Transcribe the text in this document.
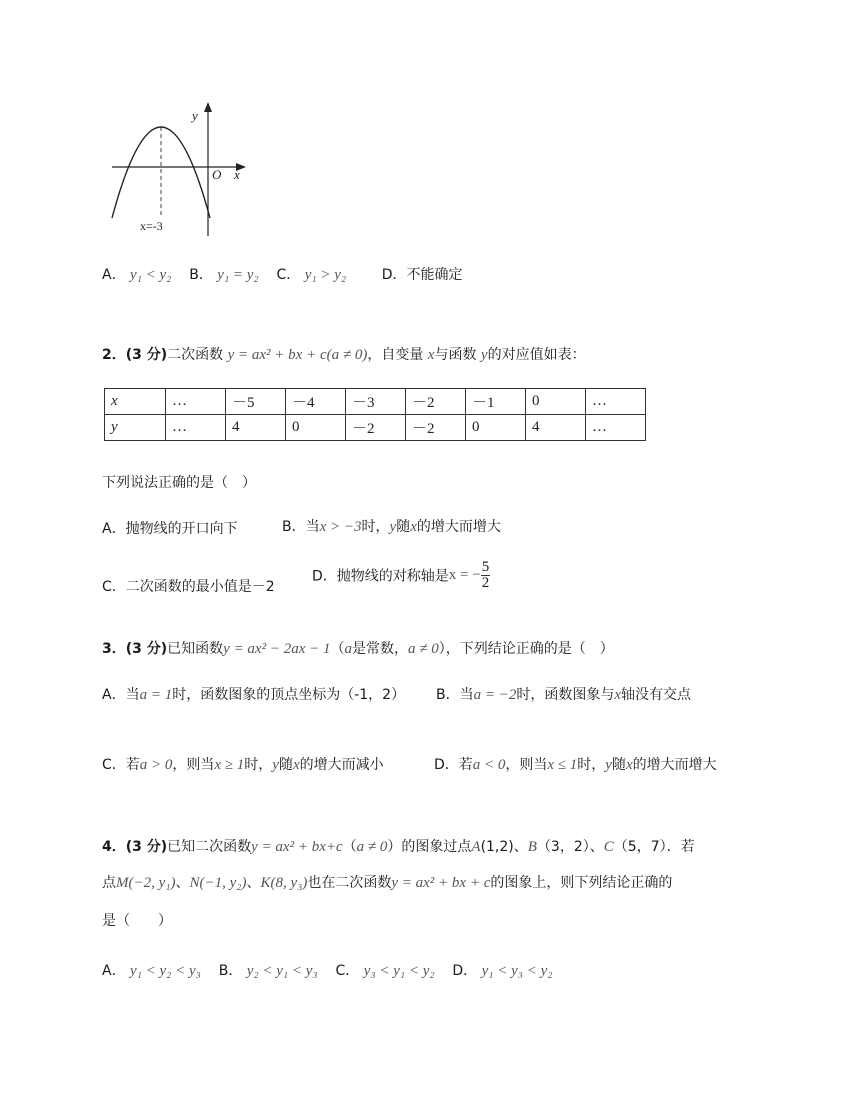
y
O x
x=-3
A． y₁ < y₂ B． y₁ = y₂ C． y₁ > y₂	D．不能确定
2．(3 分)二次函数 y = ax² + bx + c(a ≠ 0)，自变量 x与函数 y的对应值如表：
x	…	－5	－4	－3	－2	－1	0	…
y	…	4	0	－2	－2	0	4	…
下列说法正确的是（　）
A．抛物线的开口向下	B．当x > −3时，y随x的增大而增大
C．二次函数的最小值是－2
D．抛物线的对称轴是x = − $\frac{5}{2}$
3．(3 分)已知函数y = ax² − 2ax − 1（a是常数，a ≠ 0），下列结论正确的是（　）
A．当a = 1时，函数图象的顶点坐标为（-1，2） B．当a = −2时，函数图象与x轴没有交点
C．若a > 0，则当x ≥ 1时，y随x的增大而减小	D．若a < 0，则当x ≤ 1时，y随x的增大而增大
4．(3 分)已知二次函数y = ax² + bx+c（a ≠ 0）的图象过点A(1,2)、B（3，2）、C（5，7）．若
点M(−2, y₁)、N(−1, y₂)、K(8, y₃)也在二次函数y = ax² + bx + c的图象上，则下列结论正确的
是（　　）
A． y₁ < y₂ < y₃ B． y₂ < y₁ < y₃ C． y₃ < y₁ < y₂ D． y₁ < y₃ < y₂
